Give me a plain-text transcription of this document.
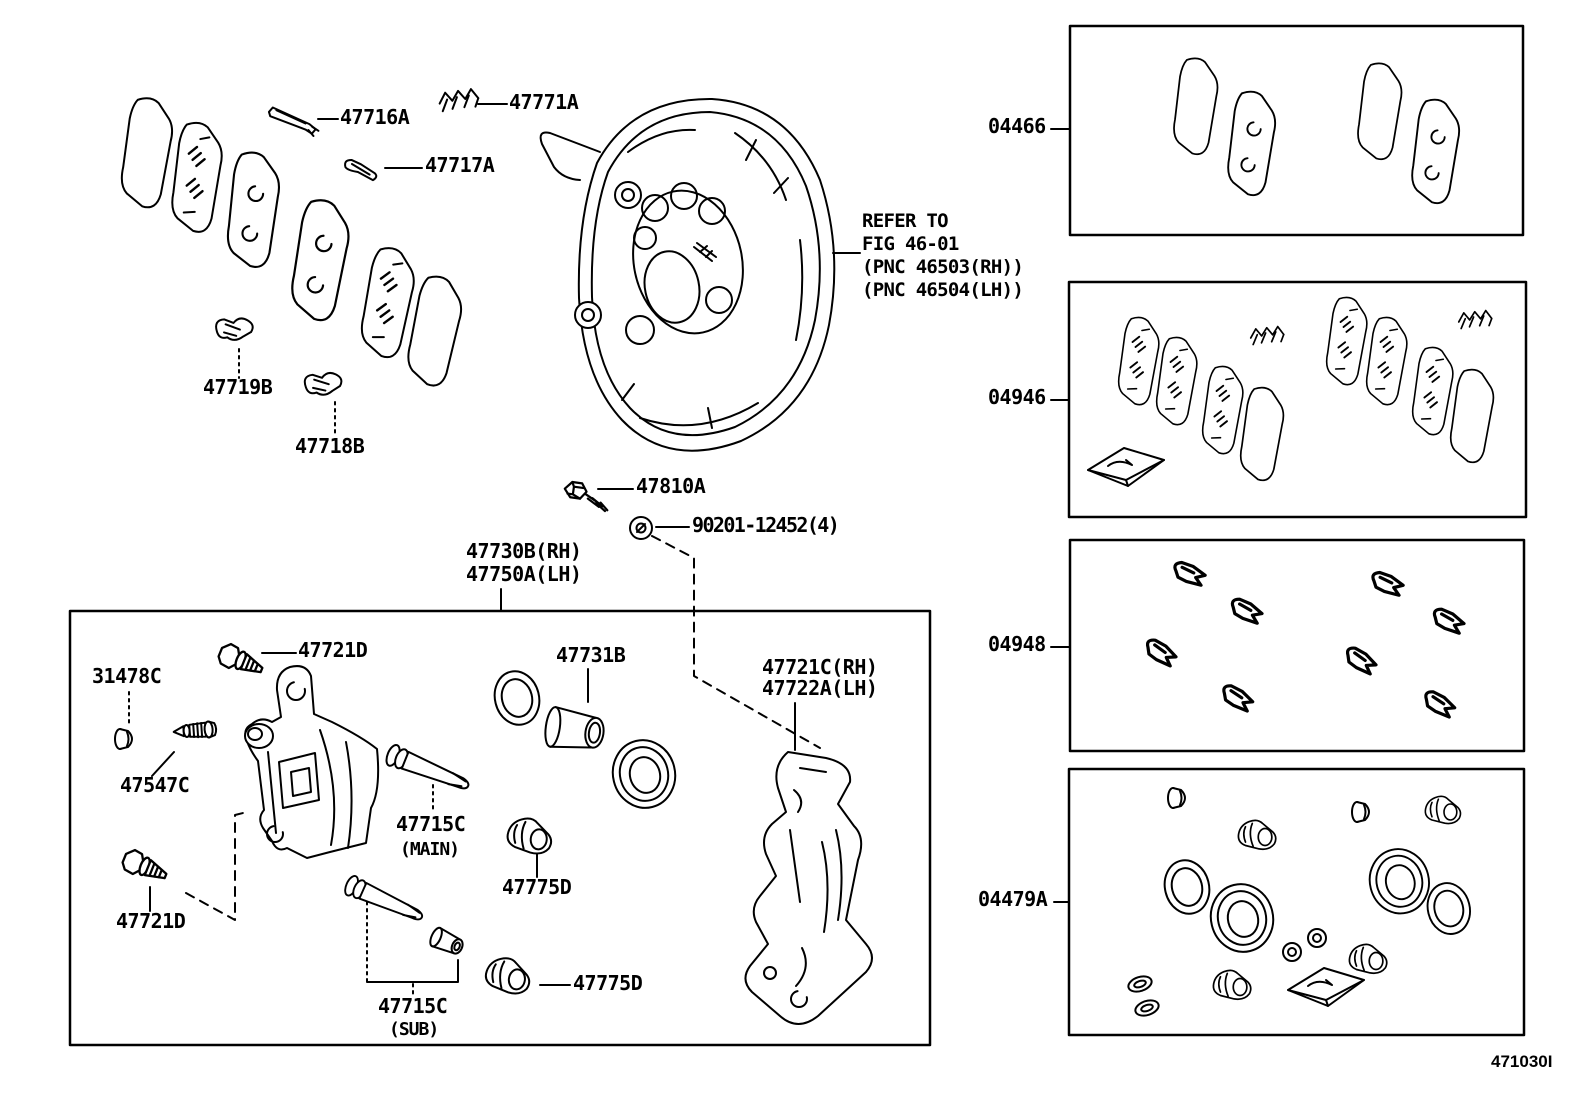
47716A
47771A
47717A
47719B
47718B
REFER TO
FIG 46-01
(PNC 46503(RH))
(PNC 46504(LH))
47810A
90201-12452(4)
47730B(RH)
47750A(LH)
47721D
31478C
47547C
47715C
(MAIN)
47721D
47775D
47715C
(SUB)
47775D
47731B	47721C(RH)
47722A(LH)
04466
04946
04948
04479A
471030I
